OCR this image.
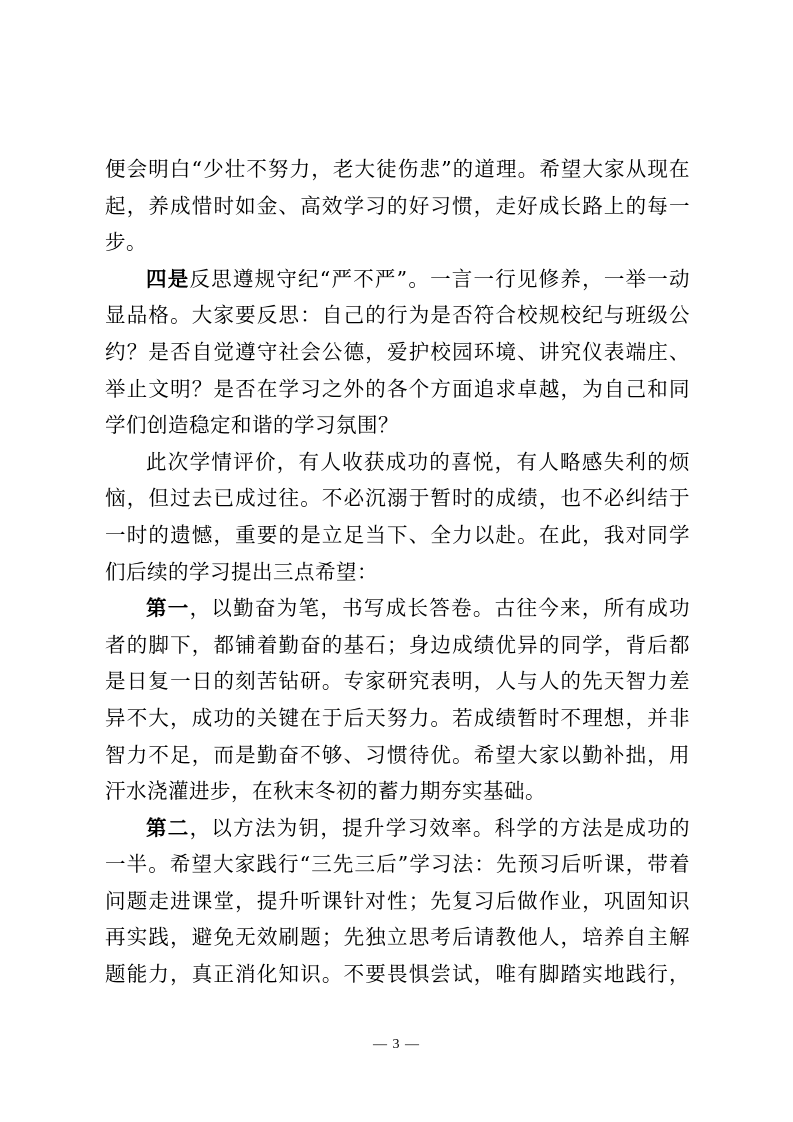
便会明白“少壮不努力，老大徒伤悲”的道理。希望大家从现在
起，养成惜时如金、高效学习的好习惯，走好成长路上的每一
步。

四是反思遵规守纪“严不严”。一言一行见修养，一举一动
显品格。大家要反思：自己的行为是否符合校规校纪与班级公
约？是否自觉遵守社会公德，爱护校园环境、讲究仪表端庄、
举止文明？是否在学习之外的各个方面追求卓越，为自己和同
学们创造稳定和谐的学习氛围？

此次学情评价，有人收获成功的喜悦，有人略感失利的烦
恼，但过去已成过往。不必沉溺于暂时的成绩，也不必纠结于
一时的遗憾，重要的是立足当下、全力以赴。在此，我对同学
们后续的学习提出三点希望：

第一，以勤奋为笔，书写成长答卷。古往今来，所有成功
者的脚下，都铺着勤奋的基石；身边成绩优异的同学，背后都
是日复一日的刻苦钻研。专家研究表明，人与人的先天智力差
异不大，成功的关键在于后天努力。若成绩暂时不理想，并非
智力不足，而是勤奋不够、习惯待优。希望大家以勤补拙，用
汗水浇灌进步，在秋末冬初的蓄力期夯实基础。

第二，以方法为钥，提升学习效率。科学的方法是成功的
一半。希望大家践行“三先三后”学习法：先预习后听课，带着
问题走进课堂，提升听课针对性；先复习后做作业，巩固知识
再实践，避免无效刷题；先独立思考后请教他人，培养自主解
题能力，真正消化知识。不要畏惧尝试，唯有脚踏实地践行，

— 3 —
